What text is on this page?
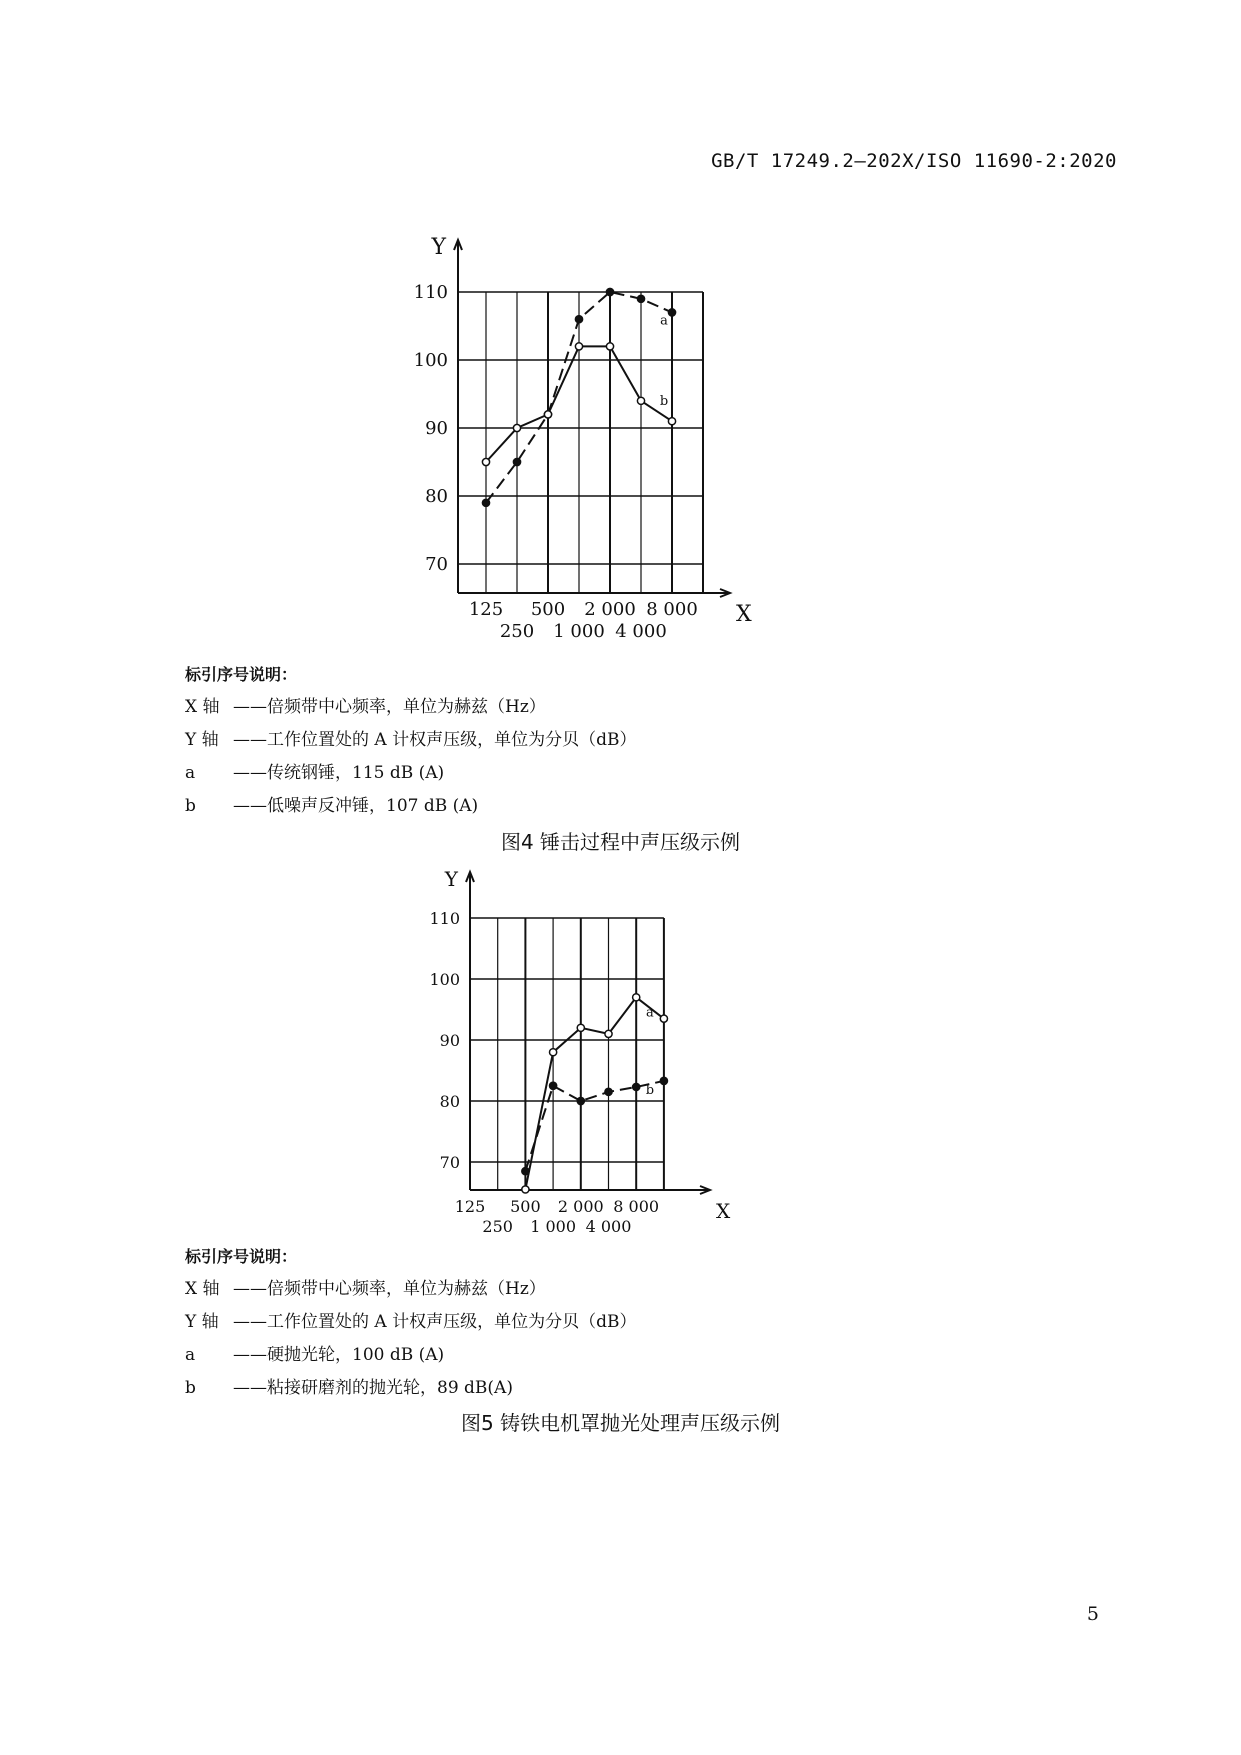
GB/T 17249.2—202X/ISO 11690-2:2020
70
80
90
100
110
Y
X
125 500 2 000 8 000
250 1 000 4 000
a
b
标引序号说明：
X 轴 ——倍频带中心频率，单位为赫兹（Hz）
Y 轴 ——工作位置处的 A 计权声压级，单位为分贝（dB）
a	——传统钢锤，115 dB (A)
b	——低噪声反冲锤，107 dB (A)
图4 锤击过程中声压级示例
70
80
90
100
110
Y
X
125 500 2 000 8 000
250 1 000 4 000
a
b
标引序号说明：
X 轴 ——倍频带中心频率，单位为赫兹（Hz）
Y 轴 ——工作位置处的 A 计权声压级，单位为分贝（dB）
a	——硬抛光轮，100 dB (A)
b	——粘接研磨剂的抛光轮，89 dB(A)
图5 铸铁电机罩抛光处理声压级示例
5
